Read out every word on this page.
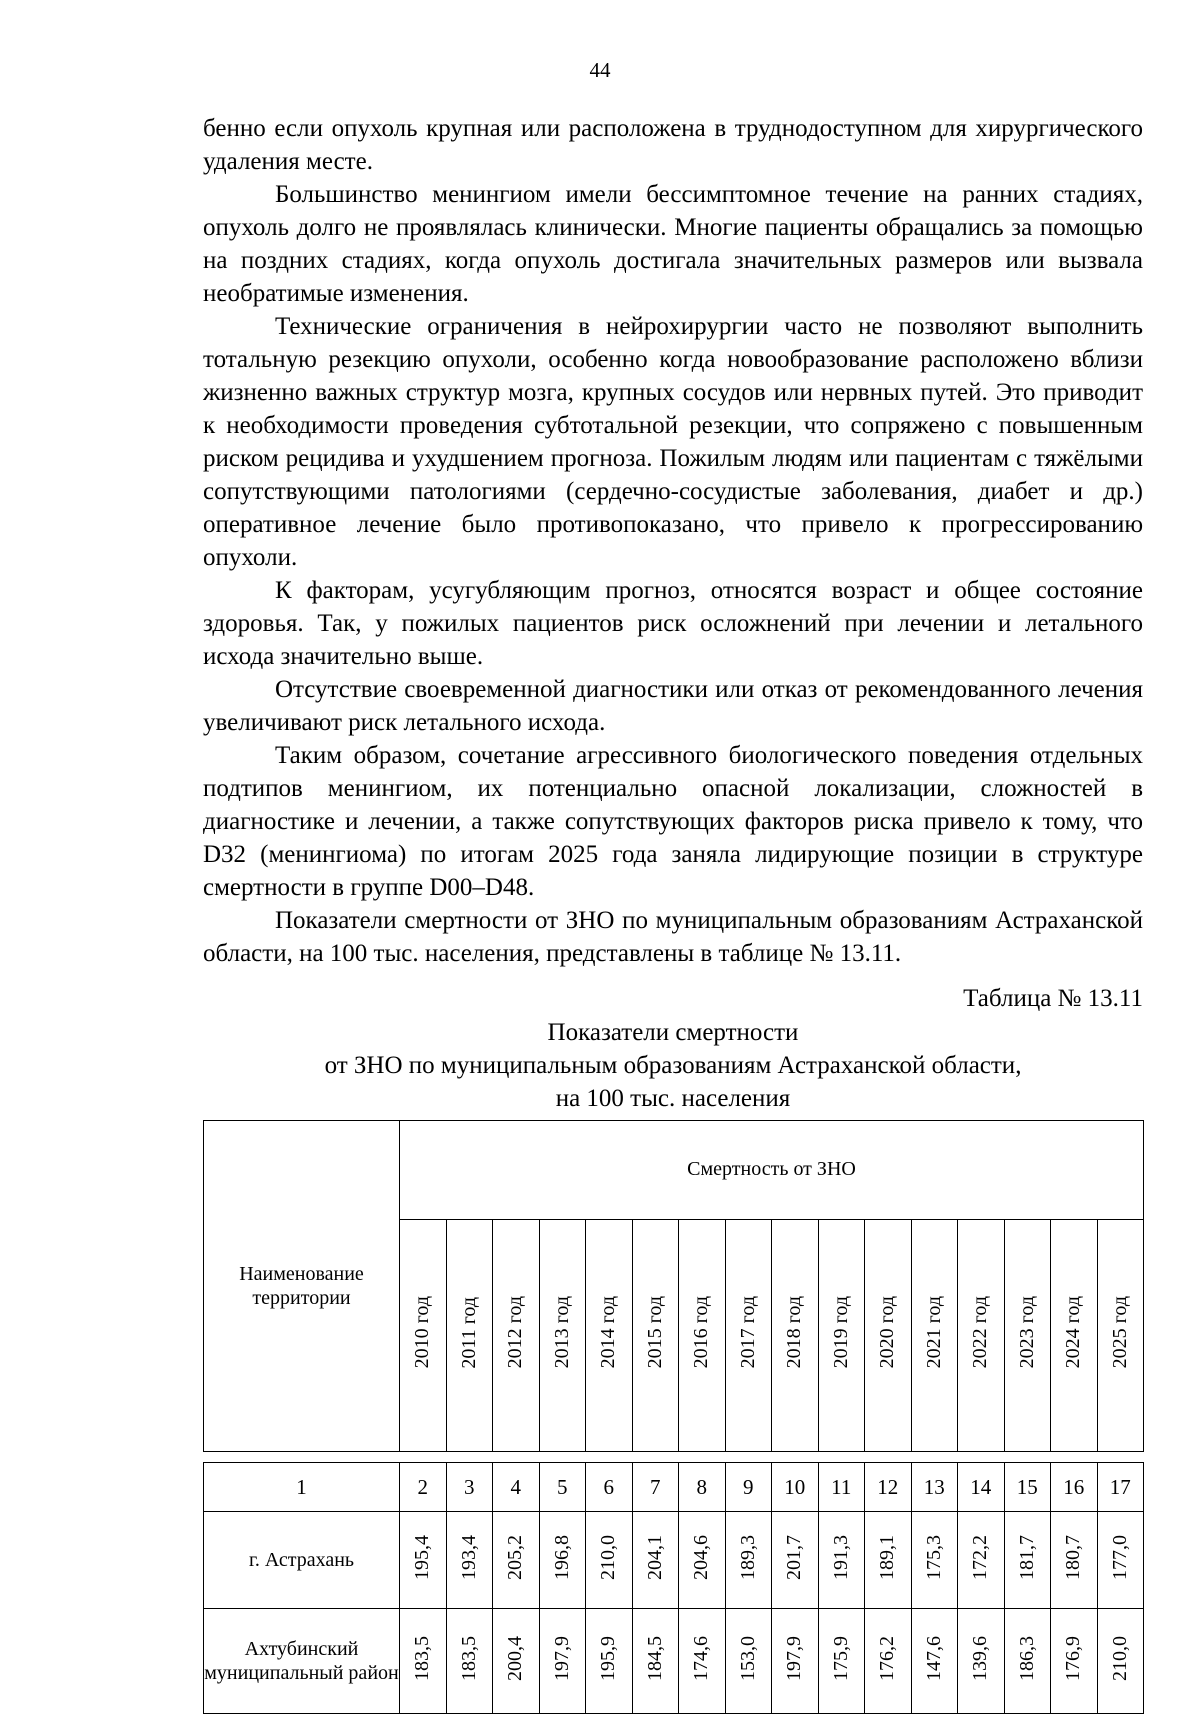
44

бенно если опухоль крупная или расположена в труднодоступном для хирургического удаления месте.

Большинство менингиом имели бессимптомное течение на ранних стадиях, опухоль долго не проявлялась клинически. Многие пациенты обращались за помощью на поздних стадиях, когда опухоль достигала значительных размеров или вызвала необратимые изменения.

Технические ограничения в нейрохирургии часто не позволяют выполнить тотальную резекцию опухоли, особенно когда новообразование расположено вблизи жизненно важных структур мозга, крупных сосудов или нервных путей. Это приводит к необходимости проведения субтотальной резекции, что сопряжено с повышенным риском рецидива и ухудшением прогноза. Пожилым людям или пациентам с тяжёлыми сопутствующими патологиями (сердечно-сосудистые заболевания, диабет и др.) оперативное лечение было противопоказано, что привело к прогрессированию опухоли.

К факторам, усугубляющим прогноз, относятся возраст и общее состояние здоровья. Так, у пожилых пациентов риск осложнений при лечении и летального исхода значительно выше.

Отсутствие своевременной диагностики или отказ от рекомендованного лечения увеличивают риск летального исхода.

Таким образом, сочетание агрессивного биологического поведения отдельных подтипов менингиом, их потенциально опасной локализации, сложностей в диагностике и лечении, а также сопутствующих факторов риска привело к тому, что D32 (менингиома) по итогам 2025 года заняла лидирующие позиции в структуре смертности в группе D00–D48.

Показатели смертности от ЗНО по муниципальным образованиям Астраханской области, на 100 тыс. населения, представлены в таблице № 13.11.

Таблица № 13.11
Показатели смертности
от ЗНО по муниципальным образованиям Астраханской области,
на 100 тыс. населения
Наименование территории	Смертность от ЗНО															
	2010 год	2011 год	2012 год	2013 год	2014 год	2015 год	2016 год	2017 год	2018 год	2019 год	2020 год	2021 год	2022 год	2023 год	2024 год	2025 год

1	2	3	4	5	6	7	8	9	10	11	12	13	14	15	16	17
г. Астрахань	195,4	193,4	205,2	196,8	210,0	204,1	204,6	189,3	201,7	191,3	189,1	175,3	172,2	181,7	180,7	177,0
Ахтубинский муниципальный район	183,5	183,5	200,4	197,9	195,9	184,5	174,6	153,0	197,9	175,9	176,2	147,6	139,6	186,3	176,9	210,0
